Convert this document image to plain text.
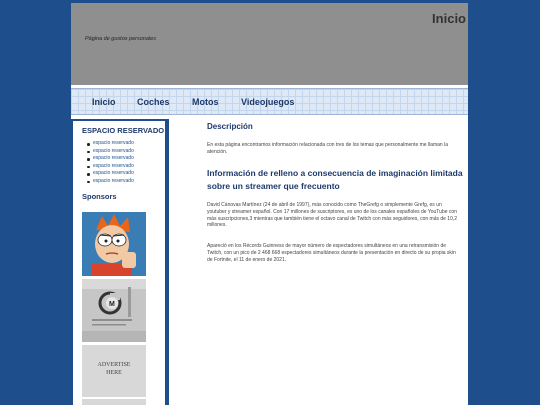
Inicio
Página de gustos personales
Inicio Coches Motos	Videojuegos
ESPACIO RESERVADO
espacio reservado
espacio reservado
espacio reservado
espacio reservado
espacio reservado
espacio reservado
Sponsors
M
ADVERTISE
HERE
Descripción
En esta página encontramos información relacionada con tres de los temas que personalmente me llaman la atención.
Información de relleno a consecuencia de imaginación limitada sobre un streamer que frecuento
David Cánovas Martínez (24 de abril de 1997), más conocido como TheGrefg o simplemente Grefg, es un youtuber y streamer español. Con 17 millones de suscriptores, es uno de los canales españoles de YouTube con más suscripciones,3 mientras que también tiene el octavo canal de Twitch con más seguidores, con más de 10,2 millones.
Apareció en los Récords Guinness de mayor número de espectadores simultáneos en una retransmisión de Twitch, con un pico de 2 468 668 espectadores simultáneos durante la presentación en directo de su propia skin de Fortnite, el 11 de enero de 2021.
